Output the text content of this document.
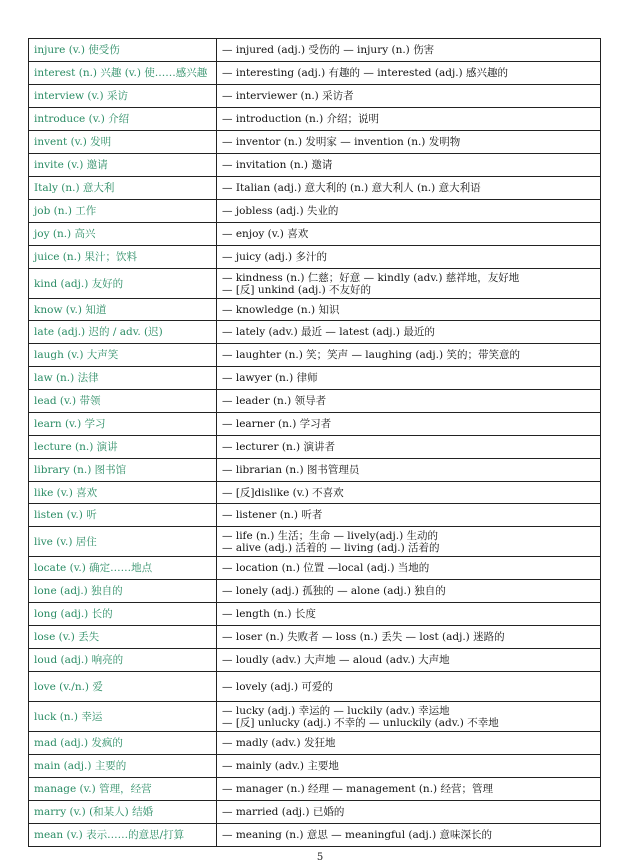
injure (v.) 使受伤	— injured (adj.) 受伤的 — injury (n.) 伤害

interest (n.) 兴趣 (v.) 使……感兴趣	— interesting (adj.) 有趣的 — interested (adj.) 感兴趣的

interview (v.) 采访	— interviewer (n.) 采访者

introduce (v.) 介绍	— introduction (n.) 介绍；说明

invent (v.) 发明	— inventor (n.) 发明家 — invention (n.) 发明物

invite (v.) 邀请	— invitation (n.) 邀请

Italy (n.) 意大利	— Italian (adj.) 意大利的 (n.) 意大利人 (n.) 意大利语

job (n.) 工作	— jobless (adj.) 失业的

joy (n.) 高兴	— enjoy (v.) 喜欢

juice (n.) 果汁；饮料	— juicy (adj.) 多汁的

kind (adj.) 友好的	— kindness (n.) 仁慈；好意 — kindly (adv.) 慈祥地，友好地
— [反] unkind (adj.) 不友好的

know (v.) 知道	— knowledge (n.) 知识

late (adj.) 迟的 / adv. (迟)	— lately (adv.) 最近 — latest (adj.) 最近的

laugh (v.) 大声笑	— laughter (n.) 笑；笑声 — laughing (adj.) 笑的；带笑意的

law (n.) 法律	— lawyer (n.) 律师

lead (v.) 带领	— leader (n.) 领导者

learn (v.) 学习	— learner (n.) 学习者

lecture (n.) 演讲	— lecturer (n.) 演讲者

library (n.) 图书馆	— librarian (n.) 图书管理员

like (v.) 喜欢	— [反]dislike (v.) 不喜欢

listen (v.) 听	— listener (n.) 听者

live (v.) 居住	— life (n.) 生活；生命 — lively(adj.) 生动的
— alive (adj.) 活着的 — living (adj.) 活着的

locate (v.) 确定……地点	— location (n.) 位置 —local (adj.) 当地的

lone (adj.) 独自的	— lonely (adj.) 孤独的 — alone (adj.) 独自的

long (adj.) 长的	— length (n.) 长度

lose (v.) 丢失	— loser (n.) 失败者 — loss (n.) 丢失 — lost (adj.) 迷路的

loud (adj.) 响亮的	— loudly (adv.) 大声地 — aloud (adv.) 大声地

love (v./n.) 爱	— lovely (adj.) 可爱的

luck (n.) 幸运	— lucky (adj.) 幸运的 — luckily (adv.) 幸运地
— [反] unlucky (adj.) 不幸的 — unluckily (adv.) 不幸地

mad (adj.) 发疯的	— madly (adv.) 发狂地

main (adj.) 主要的	— mainly (adv.) 主要地

manage (v.) 管理，经营	— manager (n.) 经理 — management (n.) 经营；管理

marry (v.) (和某人) 结婚	— married (adj.) 已婚的

mean (v.) 表示……的意思/打算	— meaning (n.) 意思 — meaningful (adj.) 意味深长的
5
